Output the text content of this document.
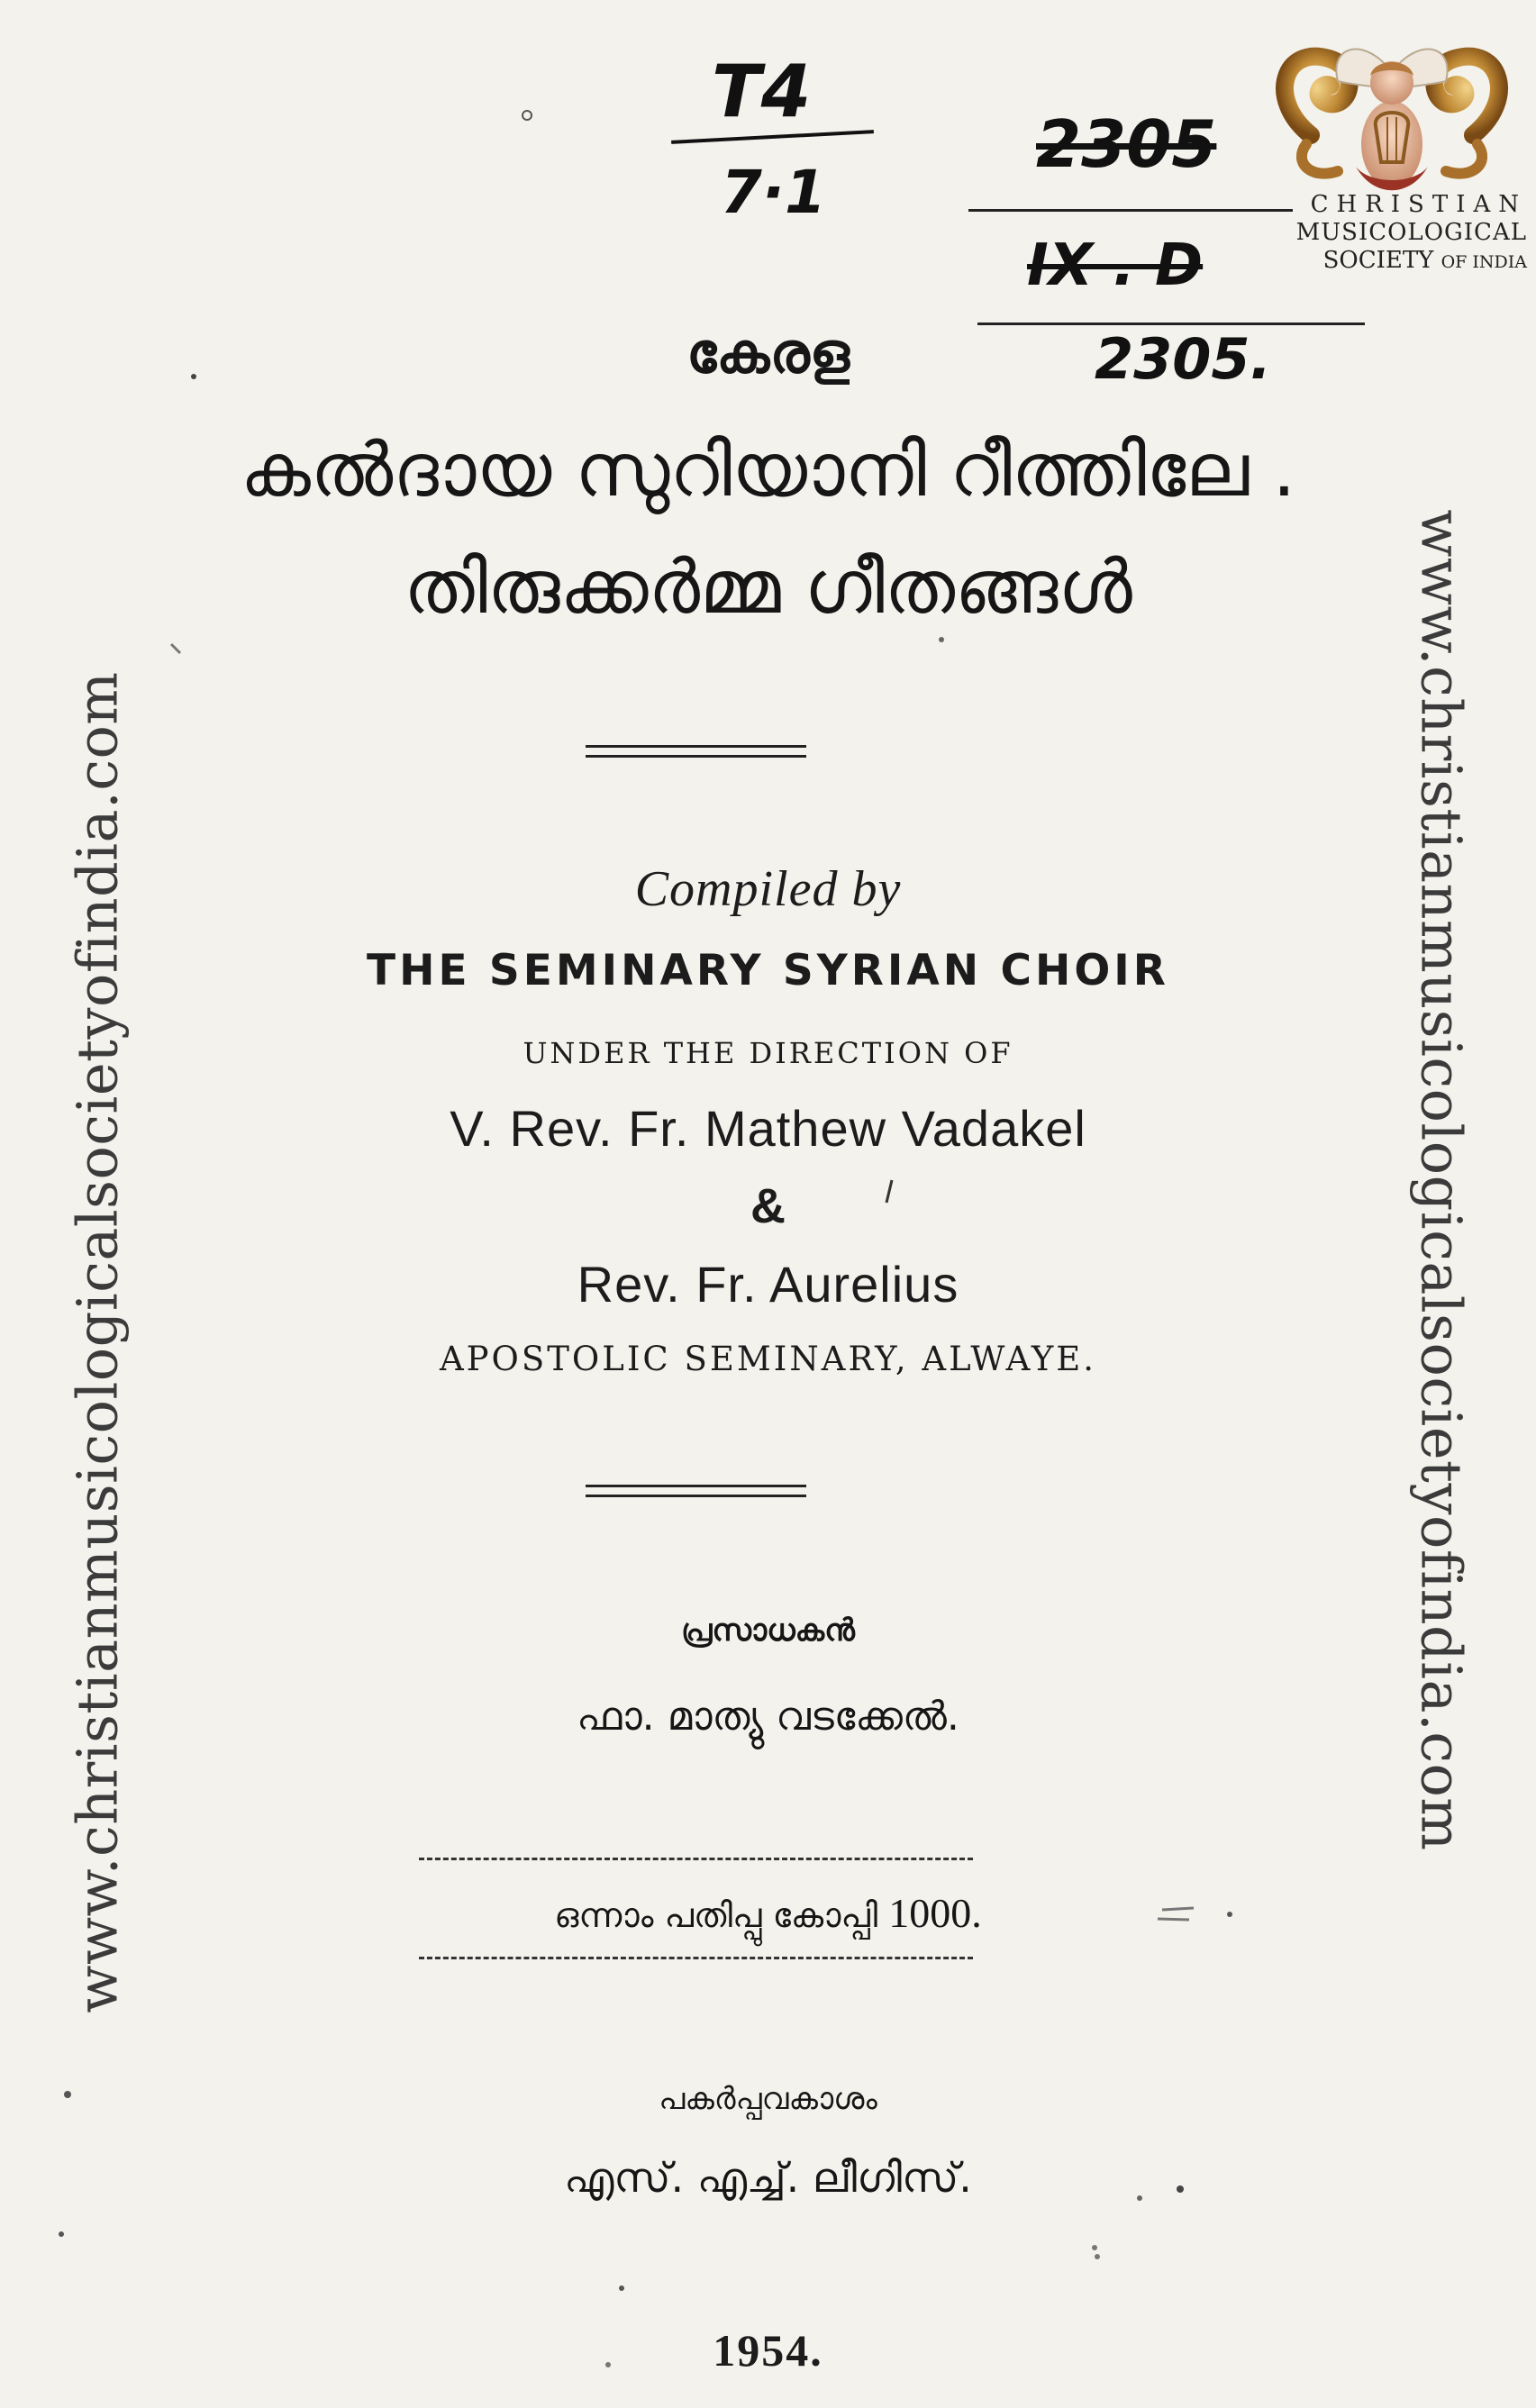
www.christianmusicologicalsocietyofindia.com	www.christianmusicologicalsocietyofindia.com
CHRISTIAN
MUSICOLOGICAL
SOCIETY OF INDIA
T4
7·1
2305
IX . D
2305.
കേരള
കൽദായ സുറിയാനി റീത്തിലേ .
തിരുക്കർമ്മ ഗീതങ്ങൾ
Compiled by
THE SEMINARY SYRIAN CHOIR
UNDER THE DIRECTION OF
V. Rev. Fr. Mathew Vadakel
&
Rev. Fr. Aurelius
APOSTOLIC SEMINARY, ALWAYE.
പ്രസാധകൻ
ഫാ. മാത്യു വടക്കേൽ.
ഒന്നാം പതിപ്പു കോപ്പി 1000.
പകർപ്പവകാശം
എസ്. എച്ച്. ലീഗിസ്.
1954.
